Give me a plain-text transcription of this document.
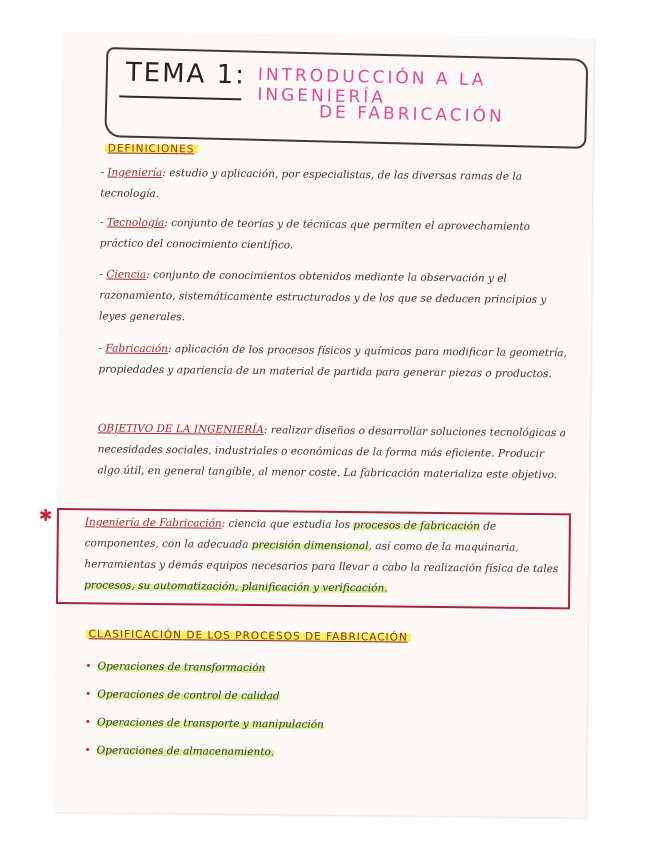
TEMA 1: INTRODUCCIÓN A LA INGENIERÍA
DE FABRICACIÓN
DEFINICIONES
- Ingeniería: estudio y aplicación, por especialistas, de las diversas ramas de la tecnología.
- Tecnología: conjunto de teorías y de técnicas que permiten el aprovechamiento práctico del conocimiento científico.
- Ciencia: conjunto de conocimientos obtenidos mediante la observación y el razonamiento, sistemáticamente estructurados y de los que se deducen principios y leyes generales.
- Fabricación: aplicación de los procesos físicos y químicos para modificar la geometría, propiedades y apariencia de un material de partida para generar piezas o productos.
OBJETIVO DE LA INGENIERÍA: realizar diseños o desarrollar soluciones tecnológicas a necesidades sociales, industriales o económicas de la forma más eficiente. Producir algo útil, en general tangible, al menor coste. La fabricación materializa este objetivo.
✱	Ingeniería de Fabricación: ciencia que estudia los procesos de fabricación de componentes, con la adecuada precisión dimensional, así como de la maquinaria, herramientas y demás equipos necesarios para llevar a cabo la realización física de tales procesos, su automatización, planificación y verificación.
CLASIFICACIÓN DE LOS PROCESOS DE FABRICACIÓN
• Operaciones de transformación
• Operaciones de control de calidad
• Operaciones de transporte y manipulación
• Operaciones de almacenamiento.
